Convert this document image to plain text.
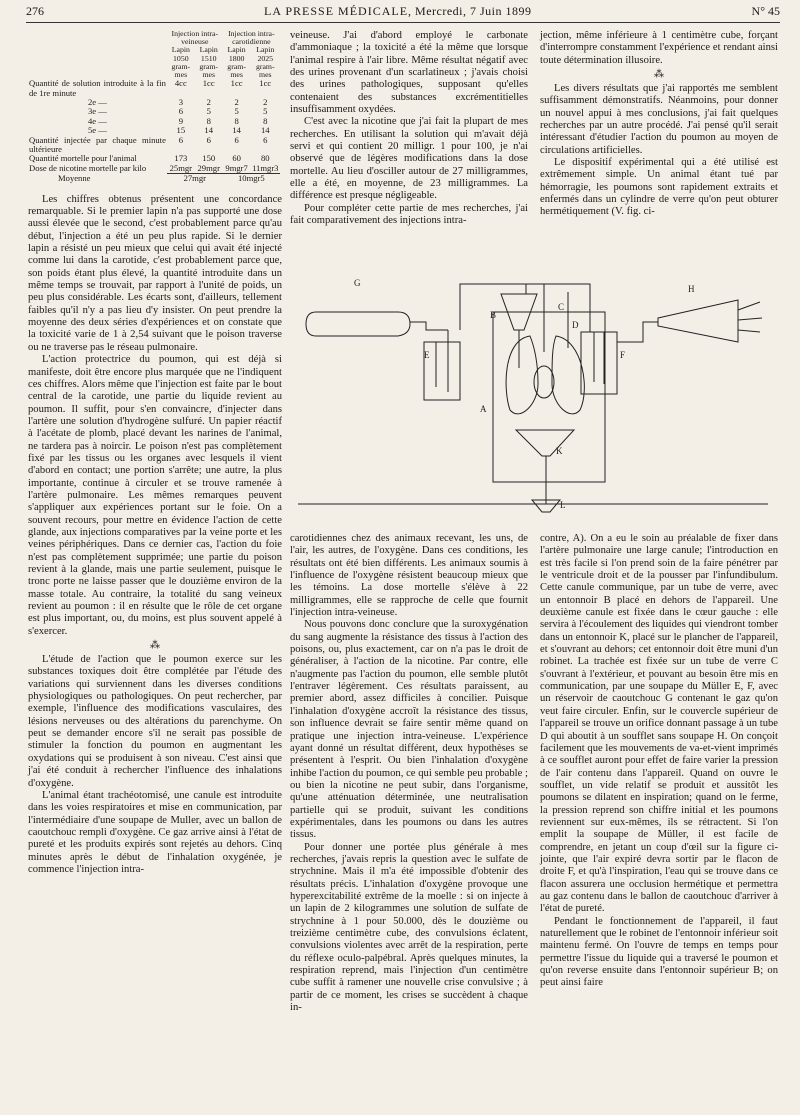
276	LA PRESSE MÉDICALE, Mercredi, 7 Juin 1899	N° 45
	Injection intra-veineuse		Injection intra-carotidienne	
	Lapin 1050 gram-mes	Lapin 1510 gram-mes	Lapin 1800 gram-mes	Lapin 2025 gram-mes
Quantité de solution introduite à la fin de 1re minute	4cc	1cc	1cc	1cc
2e —	3	2	2	2
3e —	6	5	5	5
4e —	9	8	8	8
5e —	15	14	14	14
Quantité injectée par chaque minute ultérieure	6	6	6	6
Quantité mortelle pour l'animal	173	150	60	80
Dose de nicotine mortelle par kilo	25mgr	29mgr	9mgr7	11mgr3
Moyenne	27mgr		10mgr5	

Les chiffres obtenus présentent une concordance remarquable. Si le premier lapin n'a pas supporté une dose aussi élevée que le second, c'est probablement parce qu'au début, l'injection a été un peu plus rapide. Si le dernier lapin a résisté un peu mieux que celui qui avait été injecté comme lui dans la carotide, c'est probablement parce que, son poids étant plus élevé, la quantité introduite dans un même temps se trouvait, par rapport à l'unité de poids, un peu plus considérable. Les écarts sont, d'ailleurs, tellement faibles qu'il n'y a pas lieu d'y insister. On peut prendre la moyenne des deux séries d'expériences et on constate que la toxicité varie de 1 à 2,54 suivant que le poison traverse ou ne traverse pas le réseau pulmonaire.

L'action protectrice du poumon, qui est déjà si manifeste, doit être encore plus marquée que ne l'indiquent ces chiffres. Alors même que l'injection est faite par le bout central de la carotide, une partie du liquide revient au poumon. Il suffit, pour s'en convaincre, d'injecter dans l'artère une solution d'hydrogène sulfuré. Un papier réactif à l'acétate de plomb, placé devant les narines de l'animal, ne tardera pas à noircir. Le poison n'est pas complètement fixé par les tissus ou les organes avec lesquels il vient d'abord en contact; une portion s'arrête; une autre, la plus importante, continue à circuler et se trouve ramenée à l'artère pulmonaire. Les mêmes remarques peuvent s'appliquer aux expériences portant sur le foie. On a souvent recours, pour mettre en évidence l'action de cette glande, aux injections comparatives par la veine porte et les veines périphériques. Dans ce dernier cas, l'action du foie n'est pas complètement supprimée; une partie du poison revient à la glande, mais une partie seulement, puisque le tronc porte ne laisse passer que le douzième environ de la masse totale. Au contraire, la totalité du sang veineux revient au poumon : il en résulte que le rôle de cet organe est plus important, ou, du moins, est plus souvent appelé à s'exercer.

⁂

L'étude de l'action que le poumon exerce sur les substances toxiques doit être complétée par l'étude des variations qui surviennent dans les diverses conditions physiologiques ou pathologiques. On peut rechercher, par exemple, l'influence des modifications vasculaires, des lésions nerveuses ou des altérations du parenchyme. On peut se demander encore s'il ne serait pas possible de stimuler la fonction du poumon en augmentant les oxydations qui se produisent à son niveau. C'est ainsi que j'ai été conduit à rechercher l'influence des inhalations d'oxygène.

L'animal étant trachéotomisé, une canule est introduite dans les voies respiratoires et mise en communication, par l'intermédiaire d'une soupape de Muller, avec un ballon de caoutchouc rempli d'oxygène. Ce gaz arrive ainsi à l'état de pureté et les produits expirés sont rejetés au dehors. Cinq minutes après le début de l'inhalation oxygénée, je commence l'injection intra-

veineuse. J'ai d'abord employé le carbonate d'ammoniaque ; la toxicité a été la même que lorsque l'animal respire à l'air libre. Même résultat négatif avec des urines provenant d'un scarlatineux ; j'avais choisi des urines pathologiques, supposant qu'elles contenaient des substances excrémentitielles insuffisamment oxydées.

C'est avec la nicotine que j'ai fait la plupart de mes recherches. En utilisant la solution qui m'avait déjà servi et qui contient 20 milligr. 1 pour 100, je n'ai observé que de légères modifications dans la dose mortelle. Au lieu d'osciller autour de 27 milligrammes, elle a été, en moyenne, de 23 milligrammes. La différence est presque négligeable.

Pour compléter cette partie de mes recherches, j'ai fait comparativement des injections intra-

jection, même inférieure à 1 centimètre cube, forçant d'interrompre constamment l'expérience et rendant ainsi toute détermination illusoire.

⁂

Les divers résultats que j'ai rapportés me semblent suffisamment démonstratifs. Néanmoins, pour donner un nouvel appui à mes conclusions, j'ai fait quelques recherches par un autre procédé. J'ai pensé qu'il serait intéressant d'étudier l'action du poumon au moyen de circulations artificielles.

Le dispositif expérimental qui a été utilisé est extrêmement simple. Un animal étant tué par hémorragie, les poumons sont rapidement extraits et enfermés dans un cylindre de verre qu'on peut obturer hermétiquement (V. fig. ci-

G
H
B
C
D
E	F
A
K
L

carotidiennes chez des animaux recevant, les uns, de l'air, les autres, de l'oxygène. Dans ces conditions, les résultats ont été bien différents. Les animaux soumis à l'influence de l'oxygène résistent beaucoup mieux que les témoins. La dose mortelle s'élève à 22 milligrammes, elle se rapproche de celle que fournit l'injection intra-veineuse.

Nous pouvons donc conclure que la suroxygénation du sang augmente la résistance des tissus à l'action des poisons, ou, plus exactement, car on n'a pas le droit de généraliser, à l'action de la nicotine. Par contre, elle n'augmente pas l'action du poumon, elle semble plutôt l'entraver légèrement. Ces résultats paraissent, au premier abord, assez difficiles à concilier. Puisque l'inhalation d'oxygène accroît la résistance des tissus, son influence devrait se faire sentir même quand on pratique une injection intra-veineuse. L'expérience ayant donné un résultat différent, deux hypothèses se présentent à l'esprit. Ou bien l'inhalation d'oxygène inhibe l'action du poumon, ce qui semble peu probable ; ou bien la nicotine ne peut subir, dans l'organisme, qu'une atténuation déterminée, une neutralisation partielle qui se produit, suivant les conditions expérimentales, dans les poumons ou dans les autres tissus.

Pour donner une portée plus générale à mes recherches, j'avais repris la question avec le sulfate de strychnine. Mais il m'a été impossible d'obtenir des résultats précis. L'inhalation d'oxygène provoque une hyperexcitabilité extrême de la moelle : si on injecte à un lapin de 2 kilogrammes une solution de sulfate de strychnine à 1 pour 50.000, dès le douzième ou treizième centimètre cube, des convulsions éclatent, convulsions violentes avec arrêt de la respiration, perte du réflexe oculo-palpébral. Après quelques minutes, la respiration reprend, mais l'injection d'un centimètre cube suffit à ramener une nouvelle crise convulsive ; à partir de ce moment, les crises se succèdent à chaque in-

contre, A). On a eu le soin au préalable de fixer dans l'artère pulmonaire une large canule; l'introduction en est très facile si l'on prend soin de la faire pénétrer par le ventricule droit et de la pousser par l'infundibulum. Cette canule communique, par un tube de verre, avec un entonnoir B placé en dehors de l'appareil. Une deuxième canule est fixée dans le cœur gauche : elle servira à l'écoulement des liquides qui viendront tomber dans un entonnoir K, placé sur le plancher de l'appareil, et s'ouvrant au dehors; cet entonnoir doit être muni d'un robinet. La trachée est fixée sur un tube de verre C s'ouvrant à l'extérieur, et pouvant au besoin être mis en communication, par une soupape du Müller E, F, avec un réservoir de caoutchouc G contenant le gaz qu'on veut faire circuler. Enfin, sur le couvercle supérieur de l'appareil se trouve un orifice donnant passage à un tube D qui aboutit à un soufflet sans soupape H. On conçoit facilement que les mouvements de va-et-vient imprimés à ce soufflet auront pour effet de faire varier la pression de l'air contenu dans l'appareil. Quand on ouvre le soufflet, un vide relatif se produit et aussitôt les poumons se dilatent en inspiration; quand on le ferme, la pression reprend son chiffre initial et les poumons reviennent sur eux-mêmes, ils se rétractent. Si l'on emplit la soupape de Müller, il est facile de comprendre, en jetant un coup d'œil sur la figure ci-jointe, que l'air expiré devra sortir par le flacon de droite F, et qu'à l'inspiration, l'eau qui se trouve dans ce flacon assurera une occlusion hermétique et permettra au gaz contenu dans le ballon de caoutchouc d'arriver à l'état de pureté.

Pendant le fonctionnement de l'appareil, il faut naturellement que le robinet de l'entonnoir inférieur soit maintenu fermé. On l'ouvre de temps en temps pour permettre l'issue du liquide qui a traversé le poumon et qu'on reverse ensuite dans l'entonnoir supérieur B; on peut ainsi faire
